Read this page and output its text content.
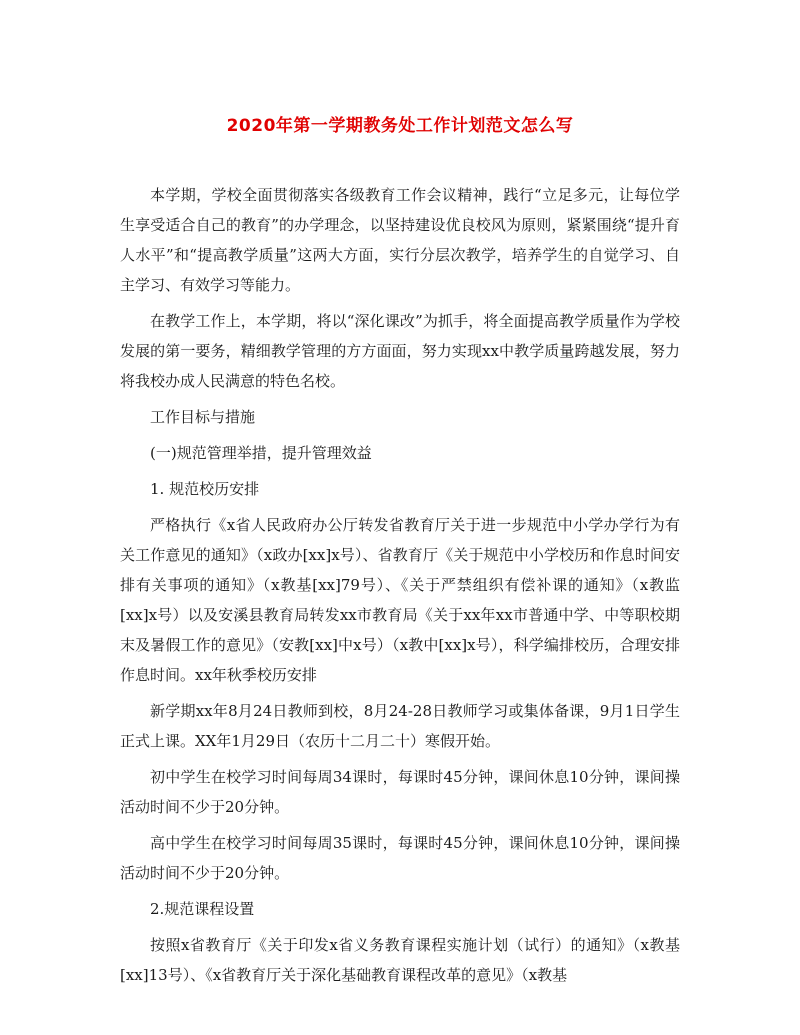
2020年第一学期教务处工作计划范文怎么写

本学期，学校全面贯彻落实各级教育工作会议精神，践行“立足多元，让每位学生享受适合自己的教育”的办学理念，以坚持建设优良校风为原则，紧紧围绕“提升育人水平”和“提高教学质量”这两大方面，实行分层次教学，培养学生的自觉学习、自主学习、有效学习等能力。

在教学工作上，本学期，将以“深化课改”为抓手，将全面提高教学质量作为学校发展的第一要务，精细教学管理的方方面面，努力实现xx中教学质量跨越发展，努力将我校办成人民满意的特色名校。

工作目标与措施

(一)规范管理举措，提升管理效益

1. 规范校历安排

严格执行《x省人民政府办公厅转发省教育厅关于进一步规范中小学办学行为有关工作意见的通知》（x政办[xx]x号）、省教育厅《关于规范中小学校历和作息时间安排有关事项的通知》（x教基[xx]79号）、《关于严禁组织有偿补课的通知》（x教监[xx]x号）以及安溪县教育局转发xx市教育局《关于xx年xx市普通中学、中等职校期末及暑假工作的意见》（安教[xx]中x号）（x教中[xx]x号），科学编排校历，合理安排作息时间。xx年秋季校历安排

新学期xx年8月24日教师到校，8月24-28日教师学习或集体备课，9月1日学生正式上课。XX年1月29日（农历十二月二十）寒假开始。

初中学生在校学习时间每周34课时，每课时45分钟，课间休息10分钟，课间操活动时间不少于20分钟。

高中学生在校学习时间每周35课时，每课时45分钟，课间休息10分钟，课间操活动时间不少于20分钟。

2.规范课程设置

按照x省教育厅《关于印发x省义务教育课程实施计划（试行）的通知》（x教基[xx]13号）、《x省教育厅关于深化基础教育课程改革的意见》（x教基
